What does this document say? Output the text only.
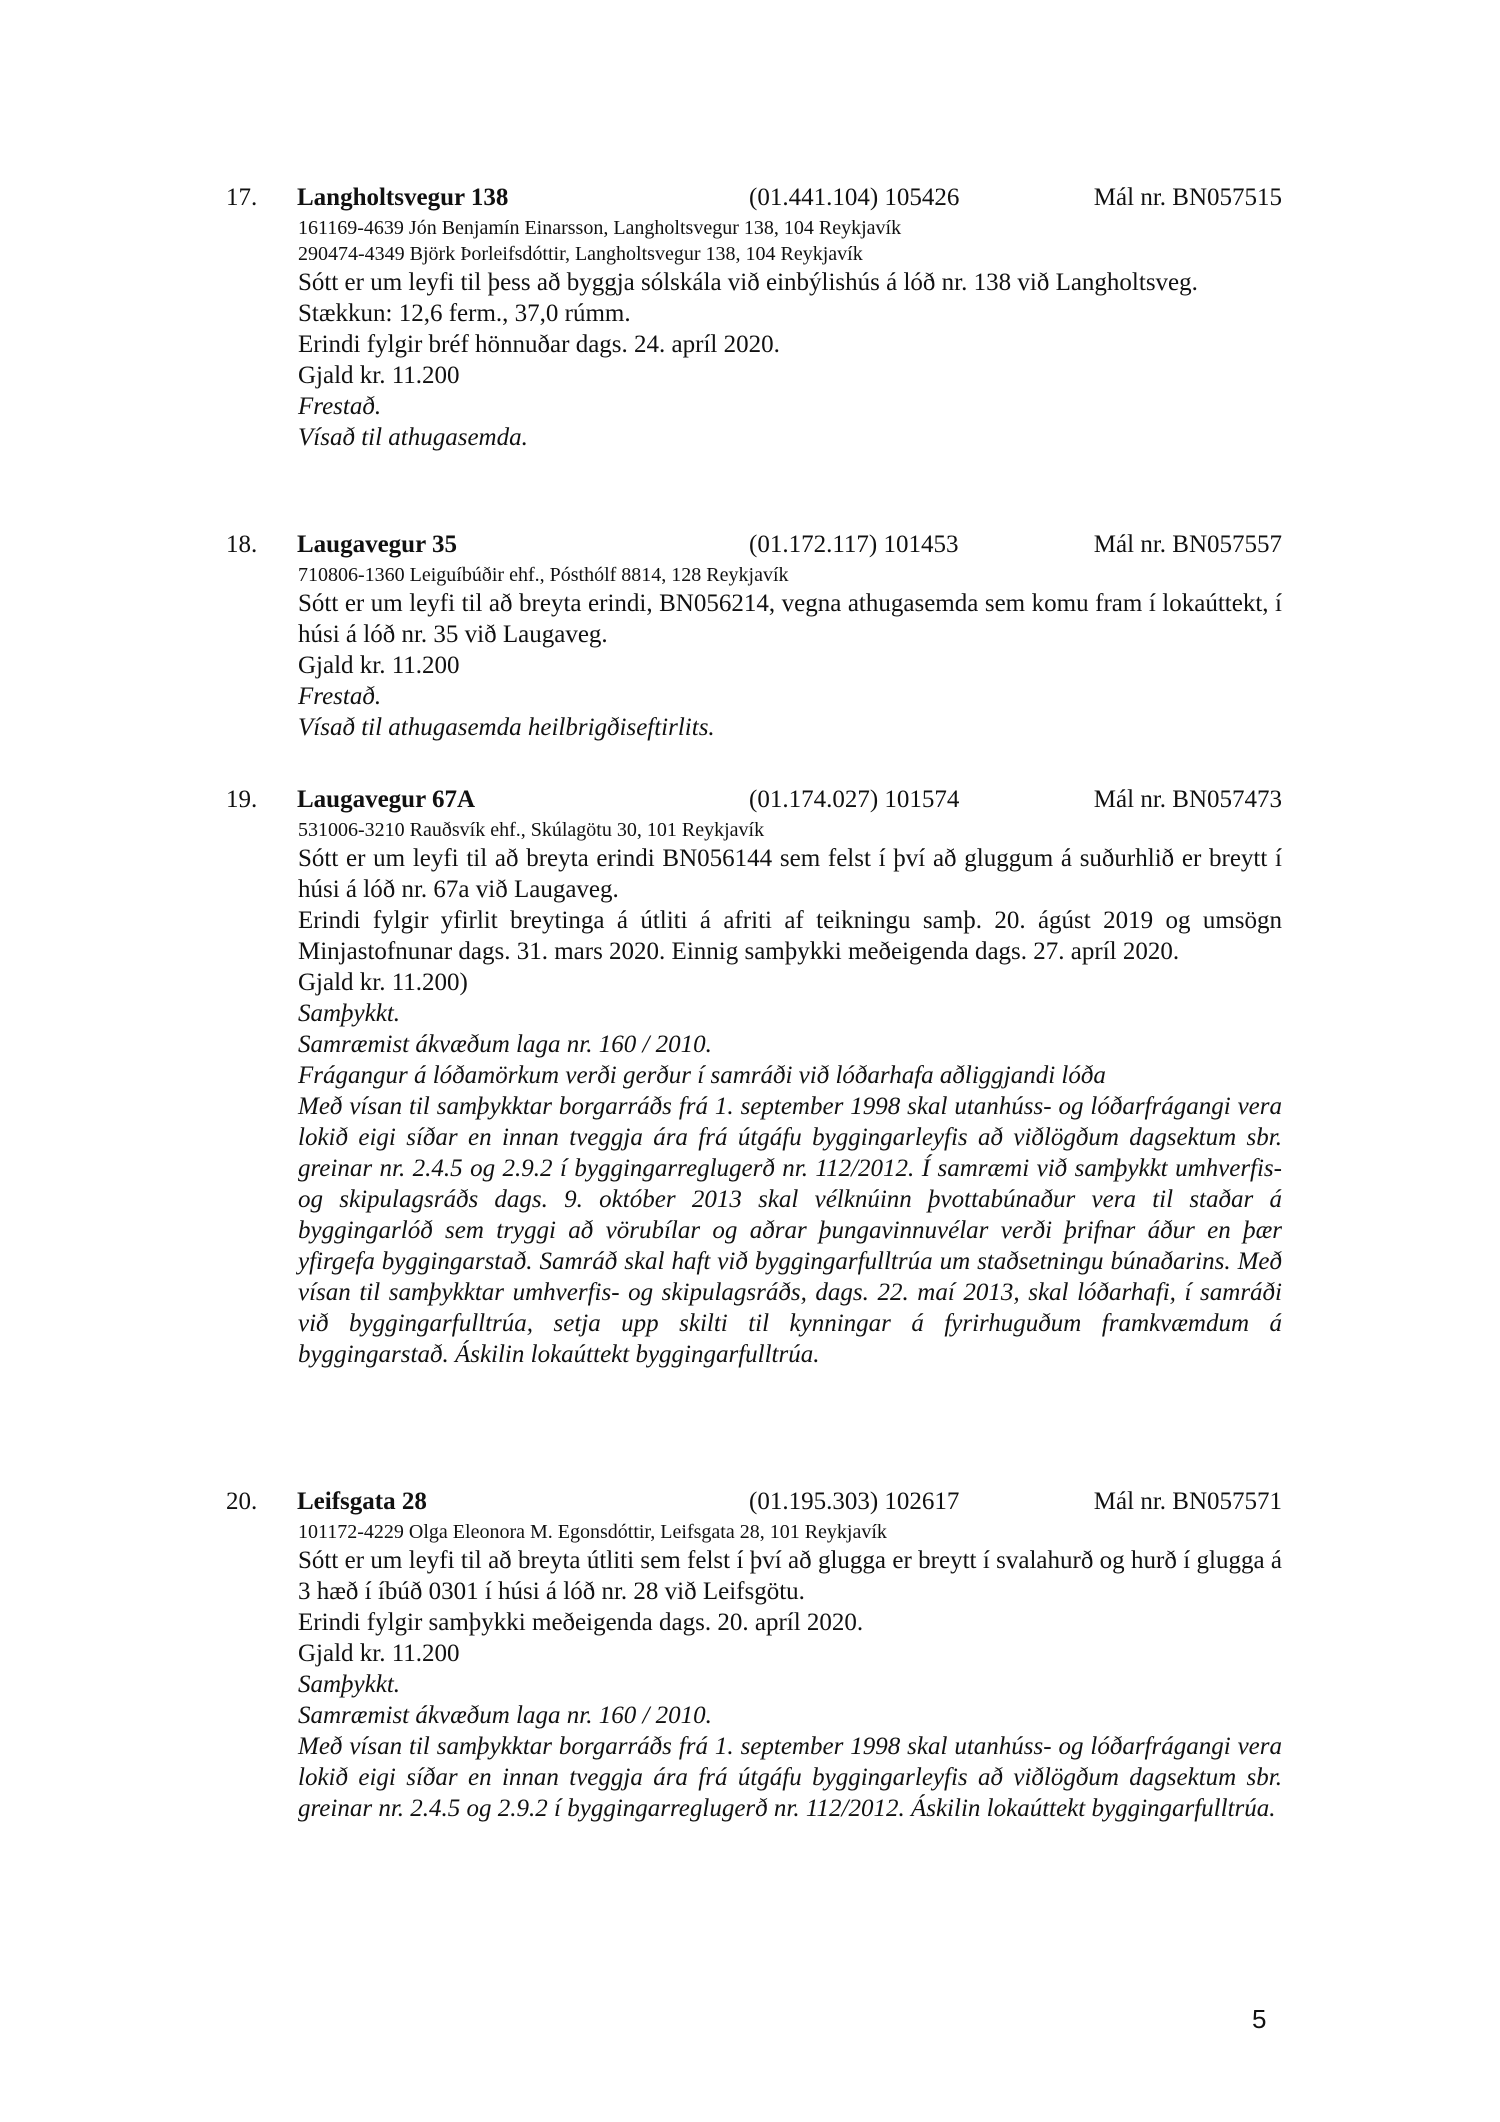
17. Langholtsvegur 138	(01.441.104) 105426	Mál nr. BN057515
161169-4639 Jón Benjamín Einarsson, Langholtsvegur 138, 104 Reykjavík
290474-4349 Björk Þorleifsdóttir, Langholtsvegur 138, 104 Reykjavík
Sótt er um leyfi til þess að byggja sólskála við einbýlishús á lóð nr. 138 við Langholtsveg.
Stækkun: 12,6 ferm., 37,0 rúmm.
Erindi fylgir bréf hönnuðar dags. 24. apríl 2020.
Gjald kr. 11.200
Frestað.
Vísað til athugasemda.
18. Laugavegur 35	(01.172.117) 101453	Mál nr. BN057557
710806-1360 Leiguíbúðir ehf., Pósthólf 8814, 128 Reykjavík
Sótt er um leyfi til að breyta erindi, BN056214, vegna athugasemda sem komu fram í lokaúttekt, í húsi á lóð nr. 35 við Laugaveg.
Gjald kr. 11.200
Frestað.
Vísað til athugasemda heilbrigðiseftirlits.
19. Laugavegur 67A	(01.174.027) 101574	Mál nr. BN057473
531006-3210 Rauðsvík ehf., Skúlagötu 30, 101 Reykjavík
Sótt er um leyfi til að breyta erindi BN056144 sem felst í því að gluggum á suðurhlið er breytt í húsi á lóð nr. 67a við Laugaveg.
Erindi fylgir yfirlit breytinga á útliti á afriti af teikningu samþ. 20. ágúst 2019 og umsögn Minjastofnunar dags. 31. mars 2020. Einnig samþykki meðeigenda dags. 27. apríl 2020.
Gjald kr. 11.200)
Samþykkt.
Samræmist ákvæðum laga nr. 160 / 2010.
Frágangur á lóðamörkum verði gerður í samráði við lóðarhafa aðliggjandi lóða
Með vísan til samþykktar borgarráðs frá 1. september 1998 skal utanhúss- og lóðarfrágangi vera lokið eigi síðar en innan tveggja ára frá útgáfu byggingarleyfis að viðlögðum dagsektum sbr. greinar nr. 2.4.5 og 2.9.2 í byggingarreglugerð nr. 112/2012. Í samræmi við samþykkt umhverfis- og skipulagsráðs dags. 9. október 2013 skal vélknúinn þvottabúnaður vera til staðar á byggingarlóð sem tryggi að vörubílar og aðrar þungavinnuvélar verði þrifnar áður en þær yfirgefa byggingarstað. Samráð skal haft við byggingarfulltrúa um staðsetningu búnaðarins. Með vísan til samþykktar umhverfis- og skipulagsráðs, dags. 22. maí 2013, skal lóðarhafi, í samráði við byggingarfulltrúa, setja upp skilti til kynningar á fyrirhuguðum framkvæmdum á byggingarstað. Áskilin lokaúttekt byggingarfulltrúa.
20. Leifsgata 28	(01.195.303) 102617	Mál nr. BN057571
101172-4229 Olga Eleonora M. Egonsdóttir, Leifsgata 28, 101 Reykjavík
Sótt er um leyfi til að breyta útliti sem felst í því að glugga er breytt í svalahurð og hurð í glugga á 3 hæð í íbúð 0301 í húsi á lóð nr. 28 við Leifsgötu.
Erindi fylgir samþykki meðeigenda dags. 20. apríl 2020.
Gjald kr. 11.200
Samþykkt.
Samræmist ákvæðum laga nr. 160 / 2010.
Með vísan til samþykktar borgarráðs frá 1. september 1998 skal utanhúss- og lóðarfrágangi vera lokið eigi síðar en innan tveggja ára frá útgáfu byggingarleyfis að viðlögðum dagsektum sbr. greinar nr. 2.4.5 og 2.9.2 í byggingarreglugerð nr. 112/2012. Áskilin lokaúttekt byggingarfulltrúa.
5
